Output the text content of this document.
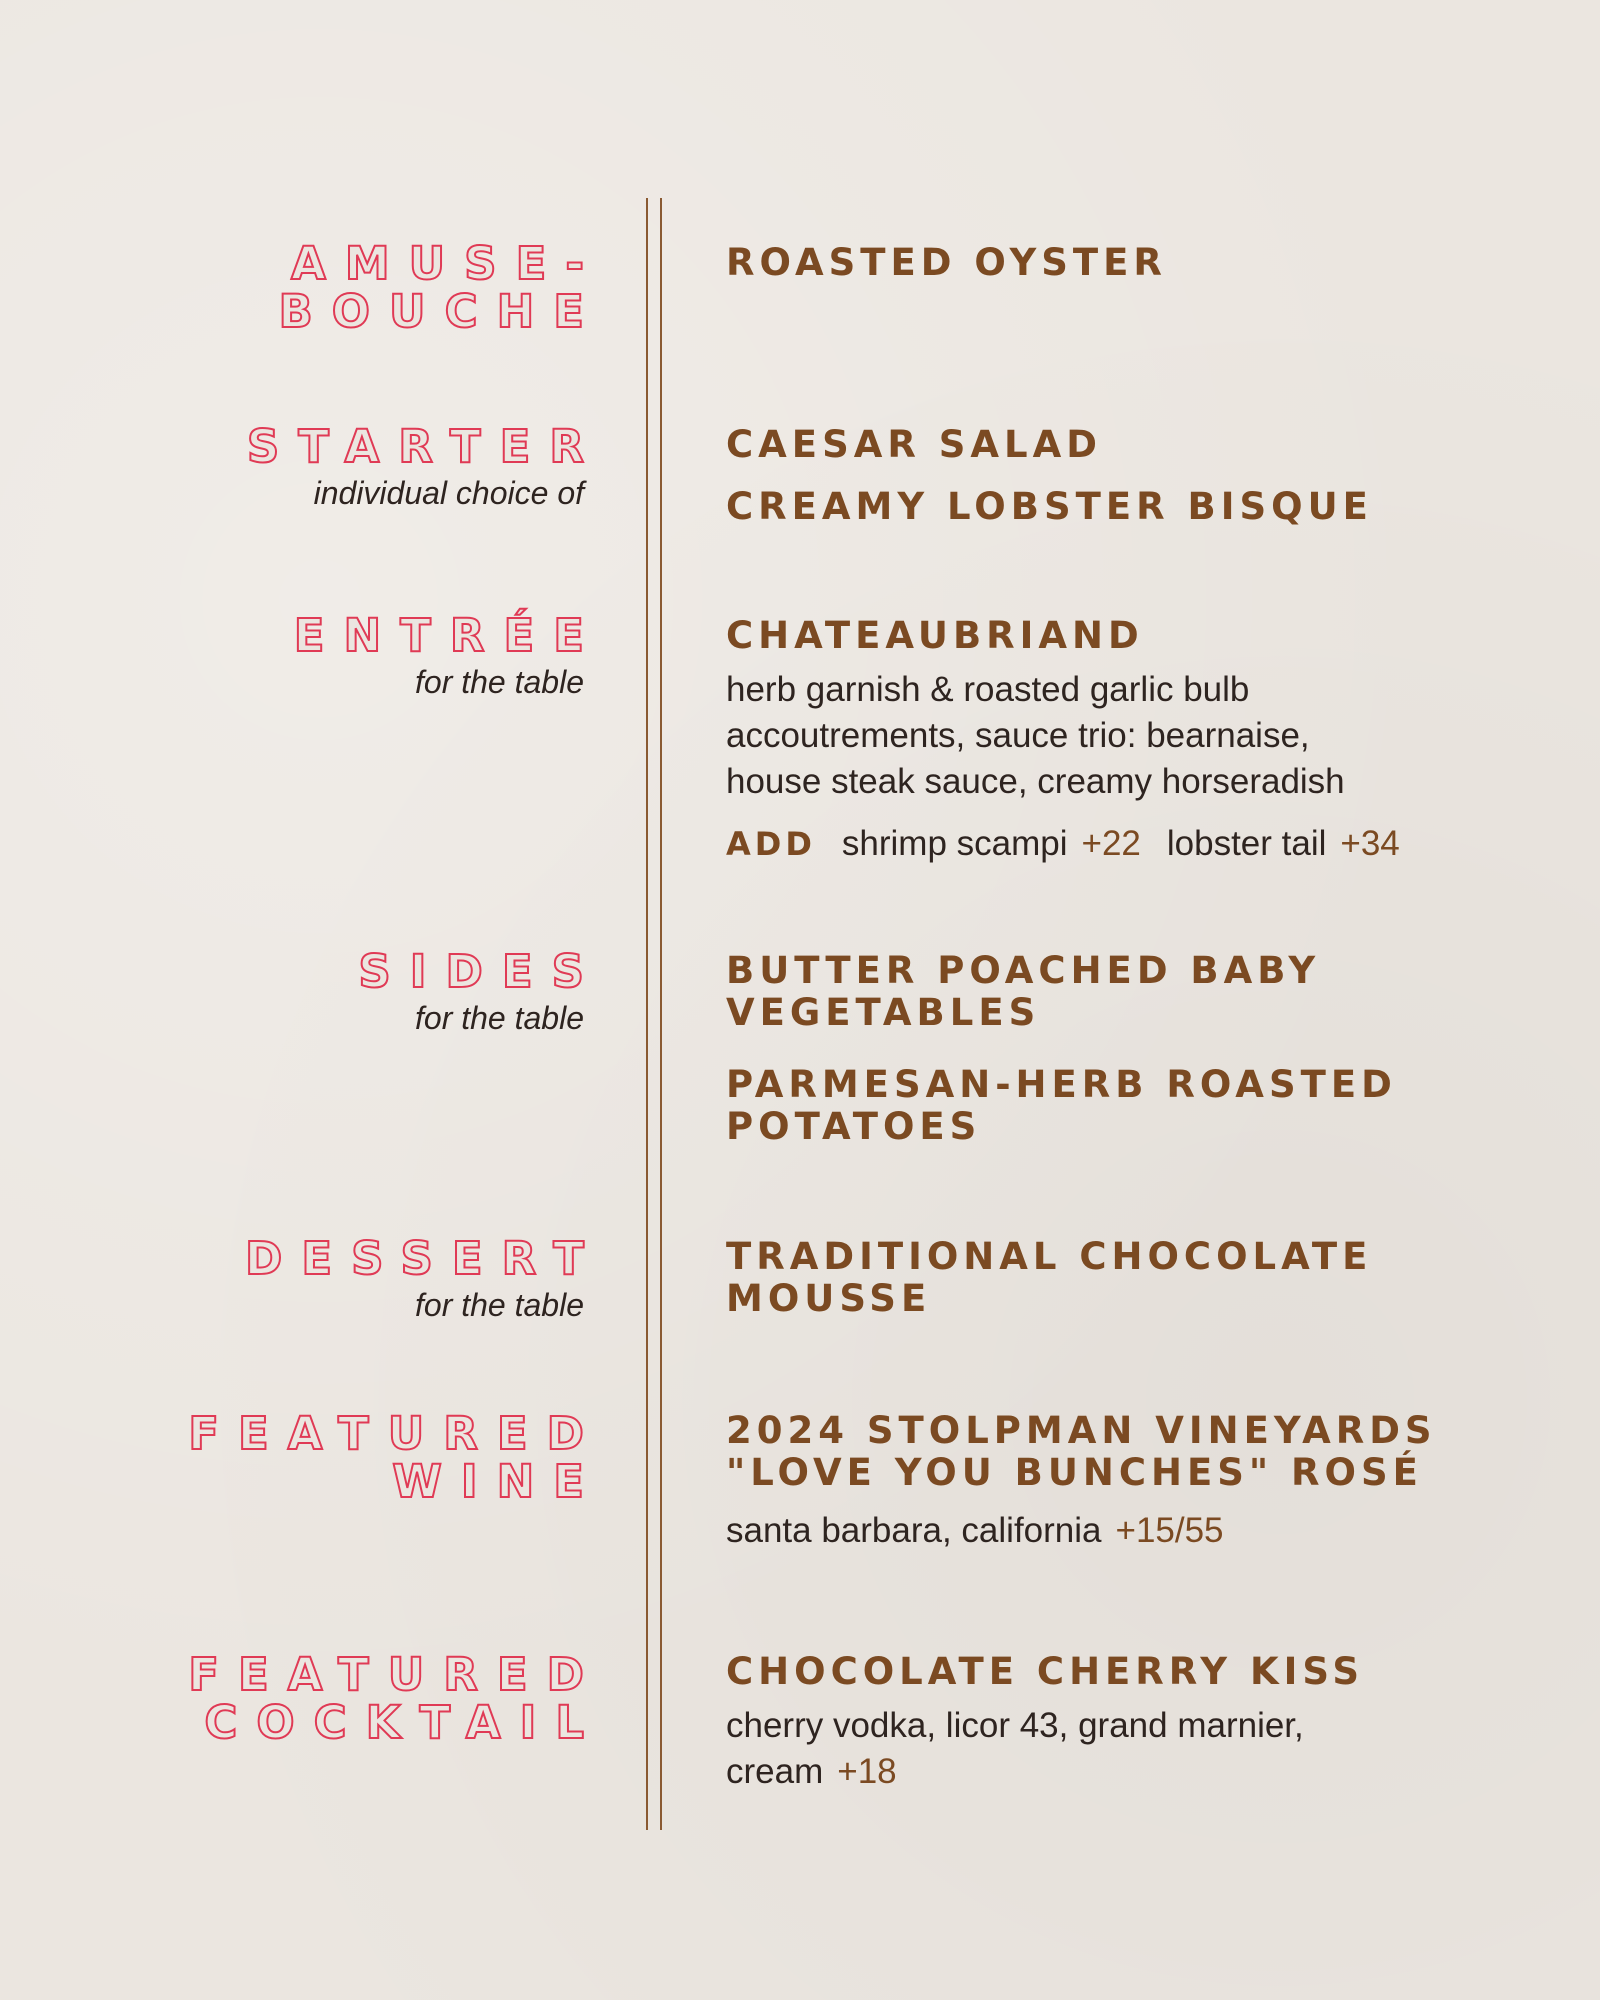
AMUSE-
BOUCHE
ROASTED OYSTER
STARTER
individual choice of
CAESAR SALAD
CREAMY LOBSTER BISQUE
ENTRÉE
for the table
CHATEAUBRIAND
herb garnish & roasted garlic bulb
accoutrements, sauce trio: bearnaise,
house steak sauce, creamy horseradish
ADD shrimp scampi +22 lobster tail +34
SIDES
for the table
BUTTER POACHED BABY
VEGETABLES
PARMESAN-HERB ROASTED
POTATOES
DESSERT
for the table
TRADITIONAL CHOCOLATE
MOUSSE
FEATURED
WINE
2024 STOLPMAN VINEYARDS
"LOVE YOU BUNCHES" ROSÉ
santa barbara, california +15/55
FEATURED
COCKTAIL
CHOCOLATE CHERRY KISS
cherry vodka, licor 43, grand marnier,
cream +18
